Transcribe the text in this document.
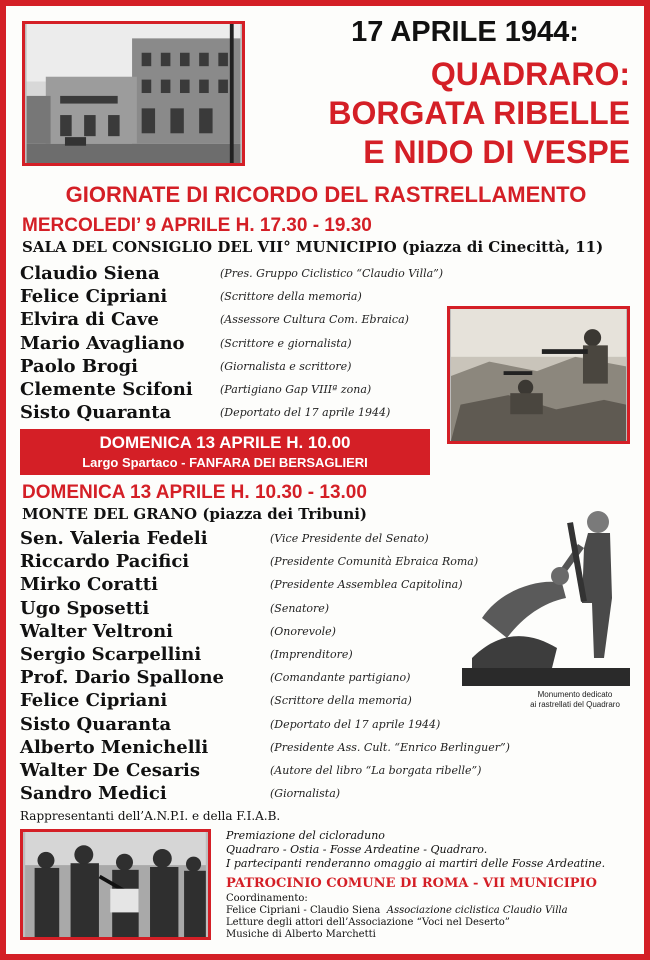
17 APRILE 1944:
QUADRARO:
BORGATA RIBELLE
E NIDO DI VESPE
GIORNATE DI RICORDO DEL RASTRELLAMENTO
MERCOLEDI’ 9 APRILE H. 17.30 - 19.30
SALA DEL CONSIGLIO DEL VII° MUNICIPIO (piazza di Cinecittà, 11)
Claudio Siena	(Pres. Gruppo Ciclistico “Claudio Villa”)
Felice Cipriani	(Scrittore della memoria)
Elvira di Cave	(Assessore Cultura Com. Ebraica)
Mario Avagliano	(Scrittore e giornalista)
Paolo Brogi	(Giornalista e scrittore)
Clemente Scifoni (Partigiano Gap VIIIª zona)
Sisto Quaranta	(Deportato del 17 aprile 1944)
DOMENICA 13 APRILE H. 10.00
Largo Spartaco - FANFARA DEI BERSAGLIERI
DOMENICA 13 APRILE H. 10.30 - 13.00
MONTE DEL GRANO (piazza dei Tribuni)
Sen. Valeria Fedeli	(Vice Presidente del Senato)
Riccardo Pacifici	(Presidente Comunità Ebraica Roma)
Mirko Coratti	(Presidente Assemblea Capitolina)
Ugo Sposetti	(Senatore)
Walter Veltroni	(Onorevole)
Sergio Scarpellini	(Imprenditore)
Prof. Dario Spallone	(Comandante partigiano)
Felice Cipriani	(Scrittore della memoria)
Sisto Quaranta	(Deportato del 17 aprile 1944)
Alberto Menichelli	(Presidente Ass. Cult. “Enrico Berlinguer”)
Walter De Cesaris	(Autore del libro “La borgata ribelle”)
Sandro Medici	(Giornalista)
Monumento dedicato
ai rastrellati del Quadraro
Rappresentanti dell’A.N.P.I. e della F.I.A.B.
Premiazione del cicloraduno
Quadraro - Ostia - Fosse Ardeatine - Quadraro.
I partecipanti renderanno omaggio ai martiri delle Fosse Ardeatine.
PATROCINIO COMUNE DI ROMA - VII MUNICIPIO
Coordinamento:
Felice Cipriani - Claudio Siena Associazione ciclistica Claudio Villa
Letture degli attori dell’Associazione “Voci nel Deserto”
Musiche di Alberto Marchetti
